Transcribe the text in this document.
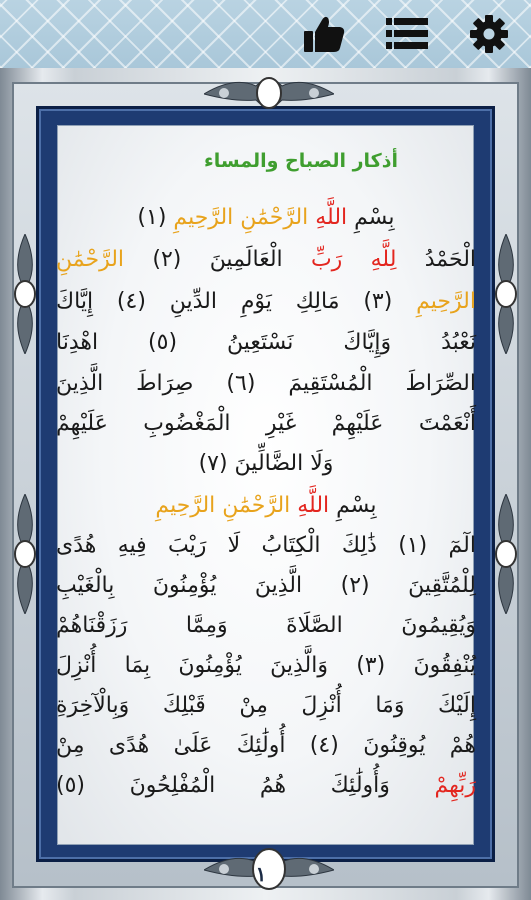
١
أذكار الصباح والمساء
بِسْمِ اللَّهِ الرَّحْمَٰنِ الرَّحِيمِ (١)
الْحَمْدُ لِلَّهِ رَبِّ الْعَالَمِينَ (٢) الرَّحْمَٰنِ
الرَّحِيمِ (٣) مَالِكِ يَوْمِ الدِّينِ (٤) إِيَّاكَ
نَعْبُدُ وَإِيَّاكَ نَسْتَعِينُ (٥) اهْدِنَا
الصِّرَاطَ الْمُسْتَقِيمَ (٦) صِرَاطَ الَّذِينَ
أَنْعَمْتَ عَلَيْهِمْ غَيْرِ الْمَغْضُوبِ عَلَيْهِمْ
وَلَا الضَّالِّينَ (٧)
بِسْمِ اللَّهِ الرَّحْمَٰنِ الرَّحِيمِ
الٓمٓ (١) ذَٰلِكَ الْكِتَابُ لَا رَيْبَ فِيهِ هُدًى
لِلْمُتَّقِينَ (٢) الَّذِينَ يُؤْمِنُونَ بِالْغَيْبِ
وَيُقِيمُونَ الصَّلَاةَ وَمِمَّا رَزَقْنَاهُمْ
يُنْفِقُونَ (٣) وَالَّذِينَ يُؤْمِنُونَ بِمَا أُنْزِلَ
إِلَيْكَ وَمَا أُنْزِلَ مِنْ قَبْلِكَ وَبِالْآخِرَةِ
هُمْ يُوقِنُونَ (٤) أُولَٰئِكَ عَلَىٰ هُدًى مِنْ
رَبِّهِمْ وَأُولَٰئِكَ هُمُ الْمُفْلِحُونَ (٥)
